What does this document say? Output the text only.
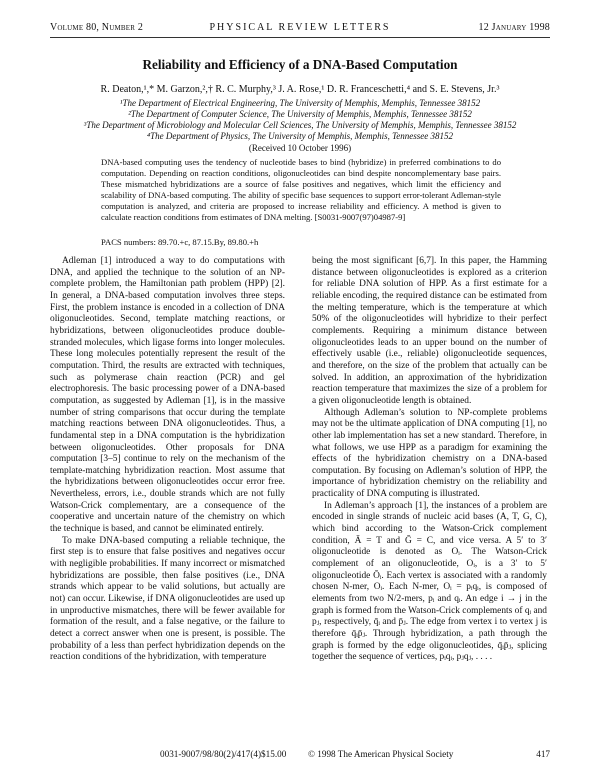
Volume 80, Number 2	PHYSICAL REVIEW LETTERS	12 January 1998
Reliability and Efficiency of a DNA-Based Computation
R. Deaton,¹,* M. Garzon,²,† R. C. Murphy,³ J. A. Rose,¹ D. R. Franceschetti,⁴ and S. E. Stevens, Jr.³
¹The Department of Electrical Engineering, The University of Memphis, Memphis, Tennessee 38152
²The Department of Computer Science, The University of Memphis, Memphis, Tennessee 38152
³The Department of Microbiology and Molecular Cell Sciences, The University of Memphis, Memphis, Tennessee 38152
⁴The Department of Physics, The University of Memphis, Memphis, Tennessee 38152
(Received 10 October 1996)
DNA-based computing uses the tendency of nucleotide bases to bind (hybridize) in preferred combinations to do computation. Depending on reaction conditions, oligonucleotides can bind despite noncomplementary base pairs. These mismatched hybridizations are a source of false positives and negatives, which limit the efficiency and scalability of DNA-based computing. The ability of specific base sequences to support error-tolerant Adleman-style computation is analyzed, and criteria are proposed to increase reliability and efficiency. A method is given to calculate reaction conditions from estimates of DNA melting. [S0031-9007(97)04987-9]
PACS numbers: 89.70.+c, 87.15.By, 89.80.+h

Adleman [1] introduced a way to do computations with DNA, and applied the technique to the solution of an NP-complete problem, the Hamiltonian path problem (HPP) [2]. In general, a DNA-based computation involves three steps. First, the problem instance is encoded in a collection of DNA oligonucleotides. Second, template matching reactions, or hybridizations, between oligonucleotides produce double-stranded molecules, which ligase forms into longer molecules. These long molecules potentially represent the result of the computation. Third, the results are extracted with techniques, such as polymerase chain reaction (PCR) and gel electrophoresis. The basic processing power of a DNA-based computation, as suggested by Adleman [1], is in the massive number of string comparisons that occur during the template matching reactions between DNA oligonucleotides. Thus, a fundamental step in a DNA computation is the hybridization between oligonucleotides. Other proposals for DNA computation [3–5] continue to rely on the mechanism of the template-matching hybridization reaction. Most assume that the hybridizations between oligonucleotides occur error free. Nevertheless, errors, i.e., double strands which are not fully Watson-Crick complementary, are a consequence of the cooperative and uncertain nature of the chemistry on which the technique is based, and cannot be eliminated entirely.

To make DNA-based computing a reliable technique, the first step is to ensure that false positives and negatives occur with negligible probabilities. If many incorrect or mismatched hybridizations are possible, then false positives (i.e., DNA strands which appear to be valid solutions, but actually are not) can occur. Likewise, if DNA oligonucleotides are used up in unproductive mismatches, there will be fewer available for formation of the result, and a false negative, or the failure to detect a correct answer when one is present, is possible. The probability of a less than perfect hybridization depends on the reaction conditions of the hybridization, with temperature

being the most significant [6,7]. In this paper, the Hamming distance between oligonucleotides is explored as a criterion for reliable DNA solution of HPP. As a first estimate for a reliable encoding, the required distance can be estimated from the melting temperature, which is the temperature at which 50% of the oligonucleotides will hybridize to their perfect complements. Requiring a minimum distance between oligonucleotides leads to an upper bound on the number of effectively usable (i.e., reliable) oligonucleotide sequences, and therefore, on the size of the problem that actually can be solved. In addition, an approximation of the hybridization reaction temperature that maximizes the size of a problem for a given oligonucleotide length is obtained.

Although Adleman’s solution to NP-complete problems may not be the ultimate application of DNA computing [1], no other lab implementation has set a new standard. Therefore, in what follows, we use HPP as a paradigm for examining the effects of the hybridization chemistry on a DNA-based computation. By focusing on Adleman’s solution of HPP, the importance of hybridization chemistry on the reliability and practicality of DNA computing is illustrated.

In Adleman’s approach [1], the instances of a problem are encoded in single strands of nucleic acid bases (A, T, G, C), which bind according to the Watson-Crick complement condition, Ā = T and Ḡ = C, and vice versa. A 5′ to 3′ oligonucleotide is denoted as Oᵢ. The Watson-Crick complement of an oligonucleotide, Oᵢ, is a 3′ to 5′ oligonucleotide Ōᵢ. Each vertex is associated with a randomly chosen N-mer, Oᵢ. Each N-mer, Oᵢ = pᵢqᵢ, is composed of elements from two N/2-mers, pᵢ and qᵢ. An edge i → j in the graph is formed from the Watson-Crick complements of qᵢ and pⱼ, respectively, q̄ᵢ and p̄ⱼ. The edge from vertex i to vertex j is therefore q̄ᵢp̄ⱼ. Through hybridization, a path through the graph is formed by the edge oligonucleotides, q̄ᵢp̄ⱼ, splicing together the sequence of vertices, pᵢqᵢ, pⱼqⱼ, . . . .

0031-9007/98/80(2)/417(4)$15.00 © 1998 The American Physical Society	417
